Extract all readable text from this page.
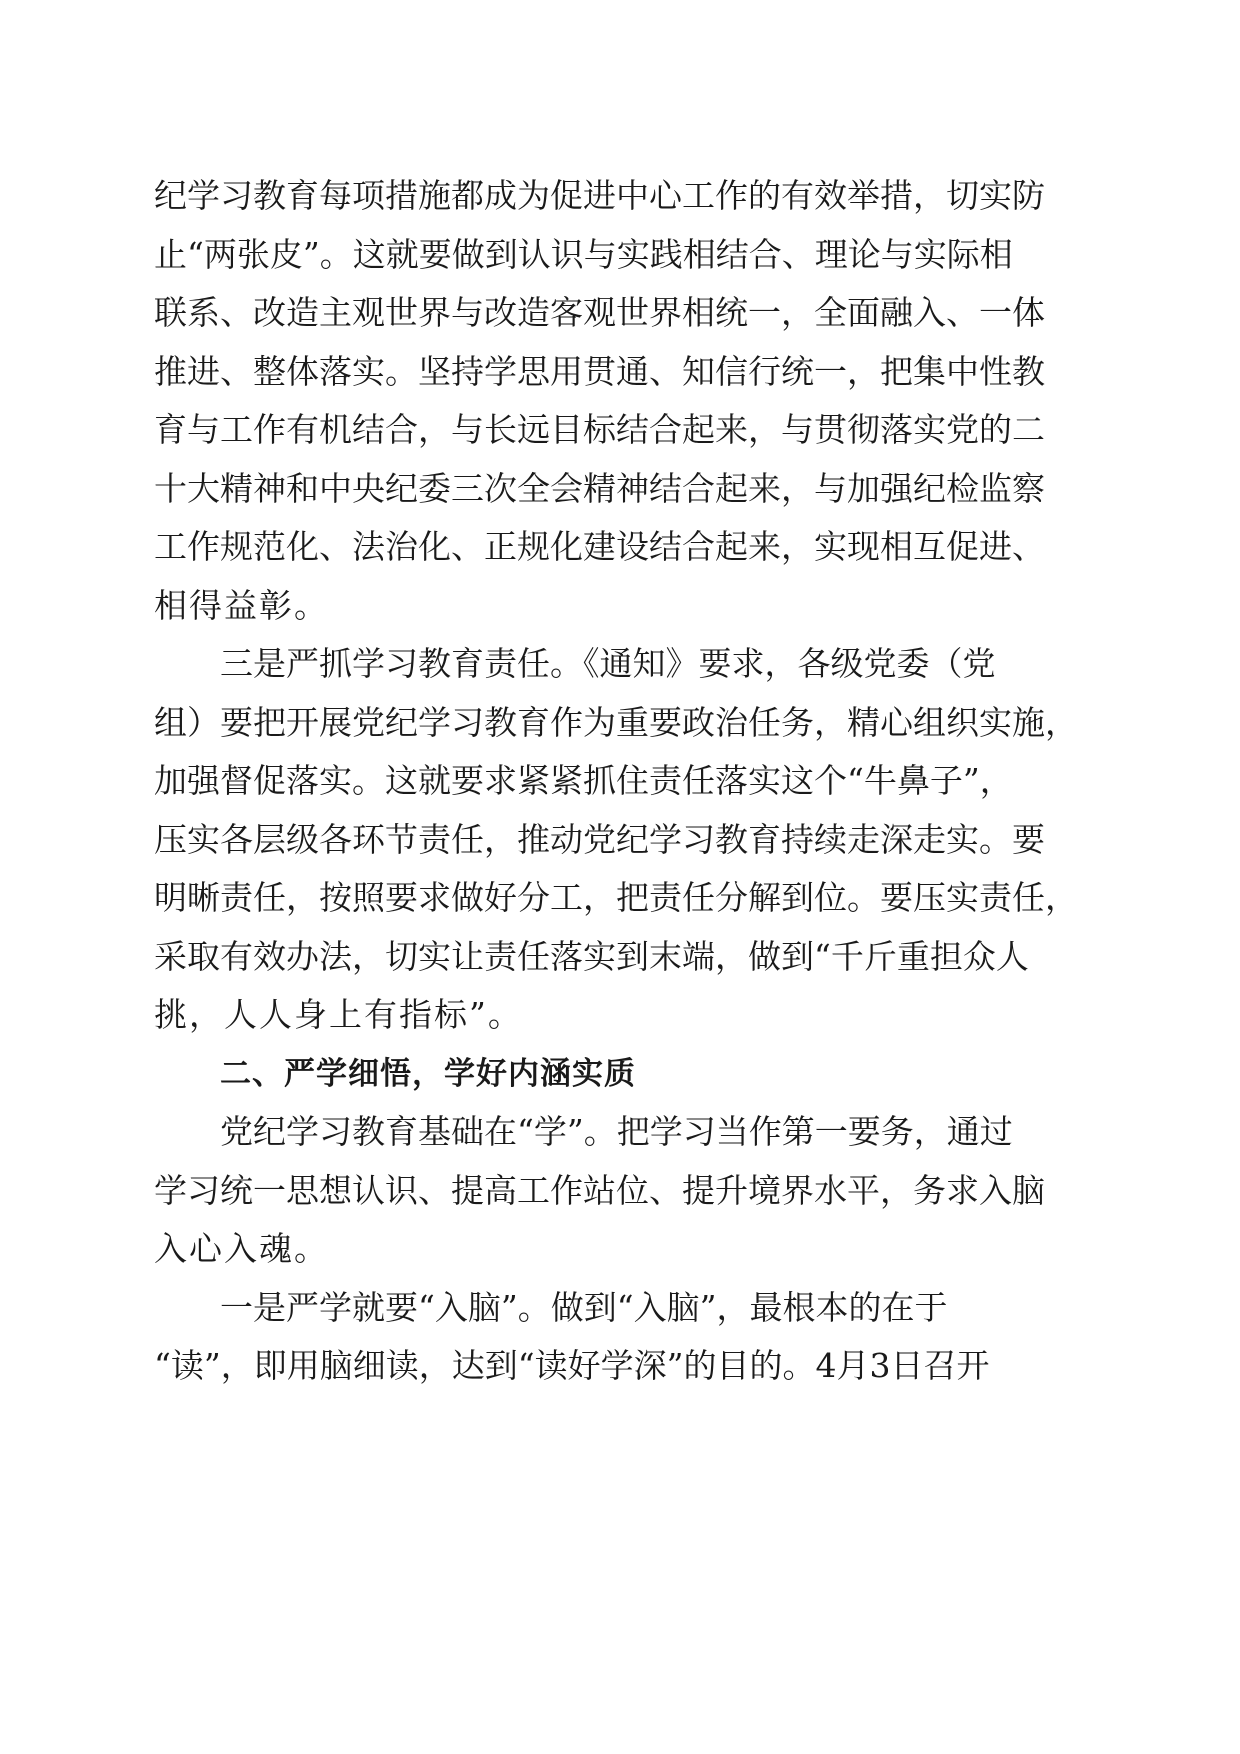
纪学习教育每项措施都成为促进中心工作的有效举措，切实防
止“两张皮”。这就要做到认识与实践相结合、理论与实际相
联系、改造主观世界与改造客观世界相统一，全面融入、一体
推进、整体落实。坚持学思用贯通、知信行统一，把集中性教
育与工作有机结合，与长远目标结合起来，与贯彻落实党的二
十大精神和中央纪委三次全会精神结合起来，与加强纪检监察
工作规范化、法治化、正规化建设结合起来，实现相互促进、
相得益彰。
三是严抓学习教育责任。《通知》要求，各级党委（党
组）要把开展党纪学习教育作为重要政治任务，精心组织实施，
加强督促落实。这就要求紧紧抓住责任落实这个“牛鼻子”，
压实各层级各环节责任，推动党纪学习教育持续走深走实。要
明晰责任，按照要求做好分工，把责任分解到位。要压实责任，
采取有效办法，切实让责任落实到末端，做到“千斤重担众人
挑，人人身上有指标”。
二、严学细悟，学好内涵实质
党纪学习教育基础在“学”。把学习当作第一要务，通过
学习统一思想认识、提高工作站位、提升境界水平，务求入脑
入心入魂。
一是严学就要“入脑”。做到“入脑”，最根本的在于
“读”，即用脑细读，达到“读好学深”的目的。4月3日召开
